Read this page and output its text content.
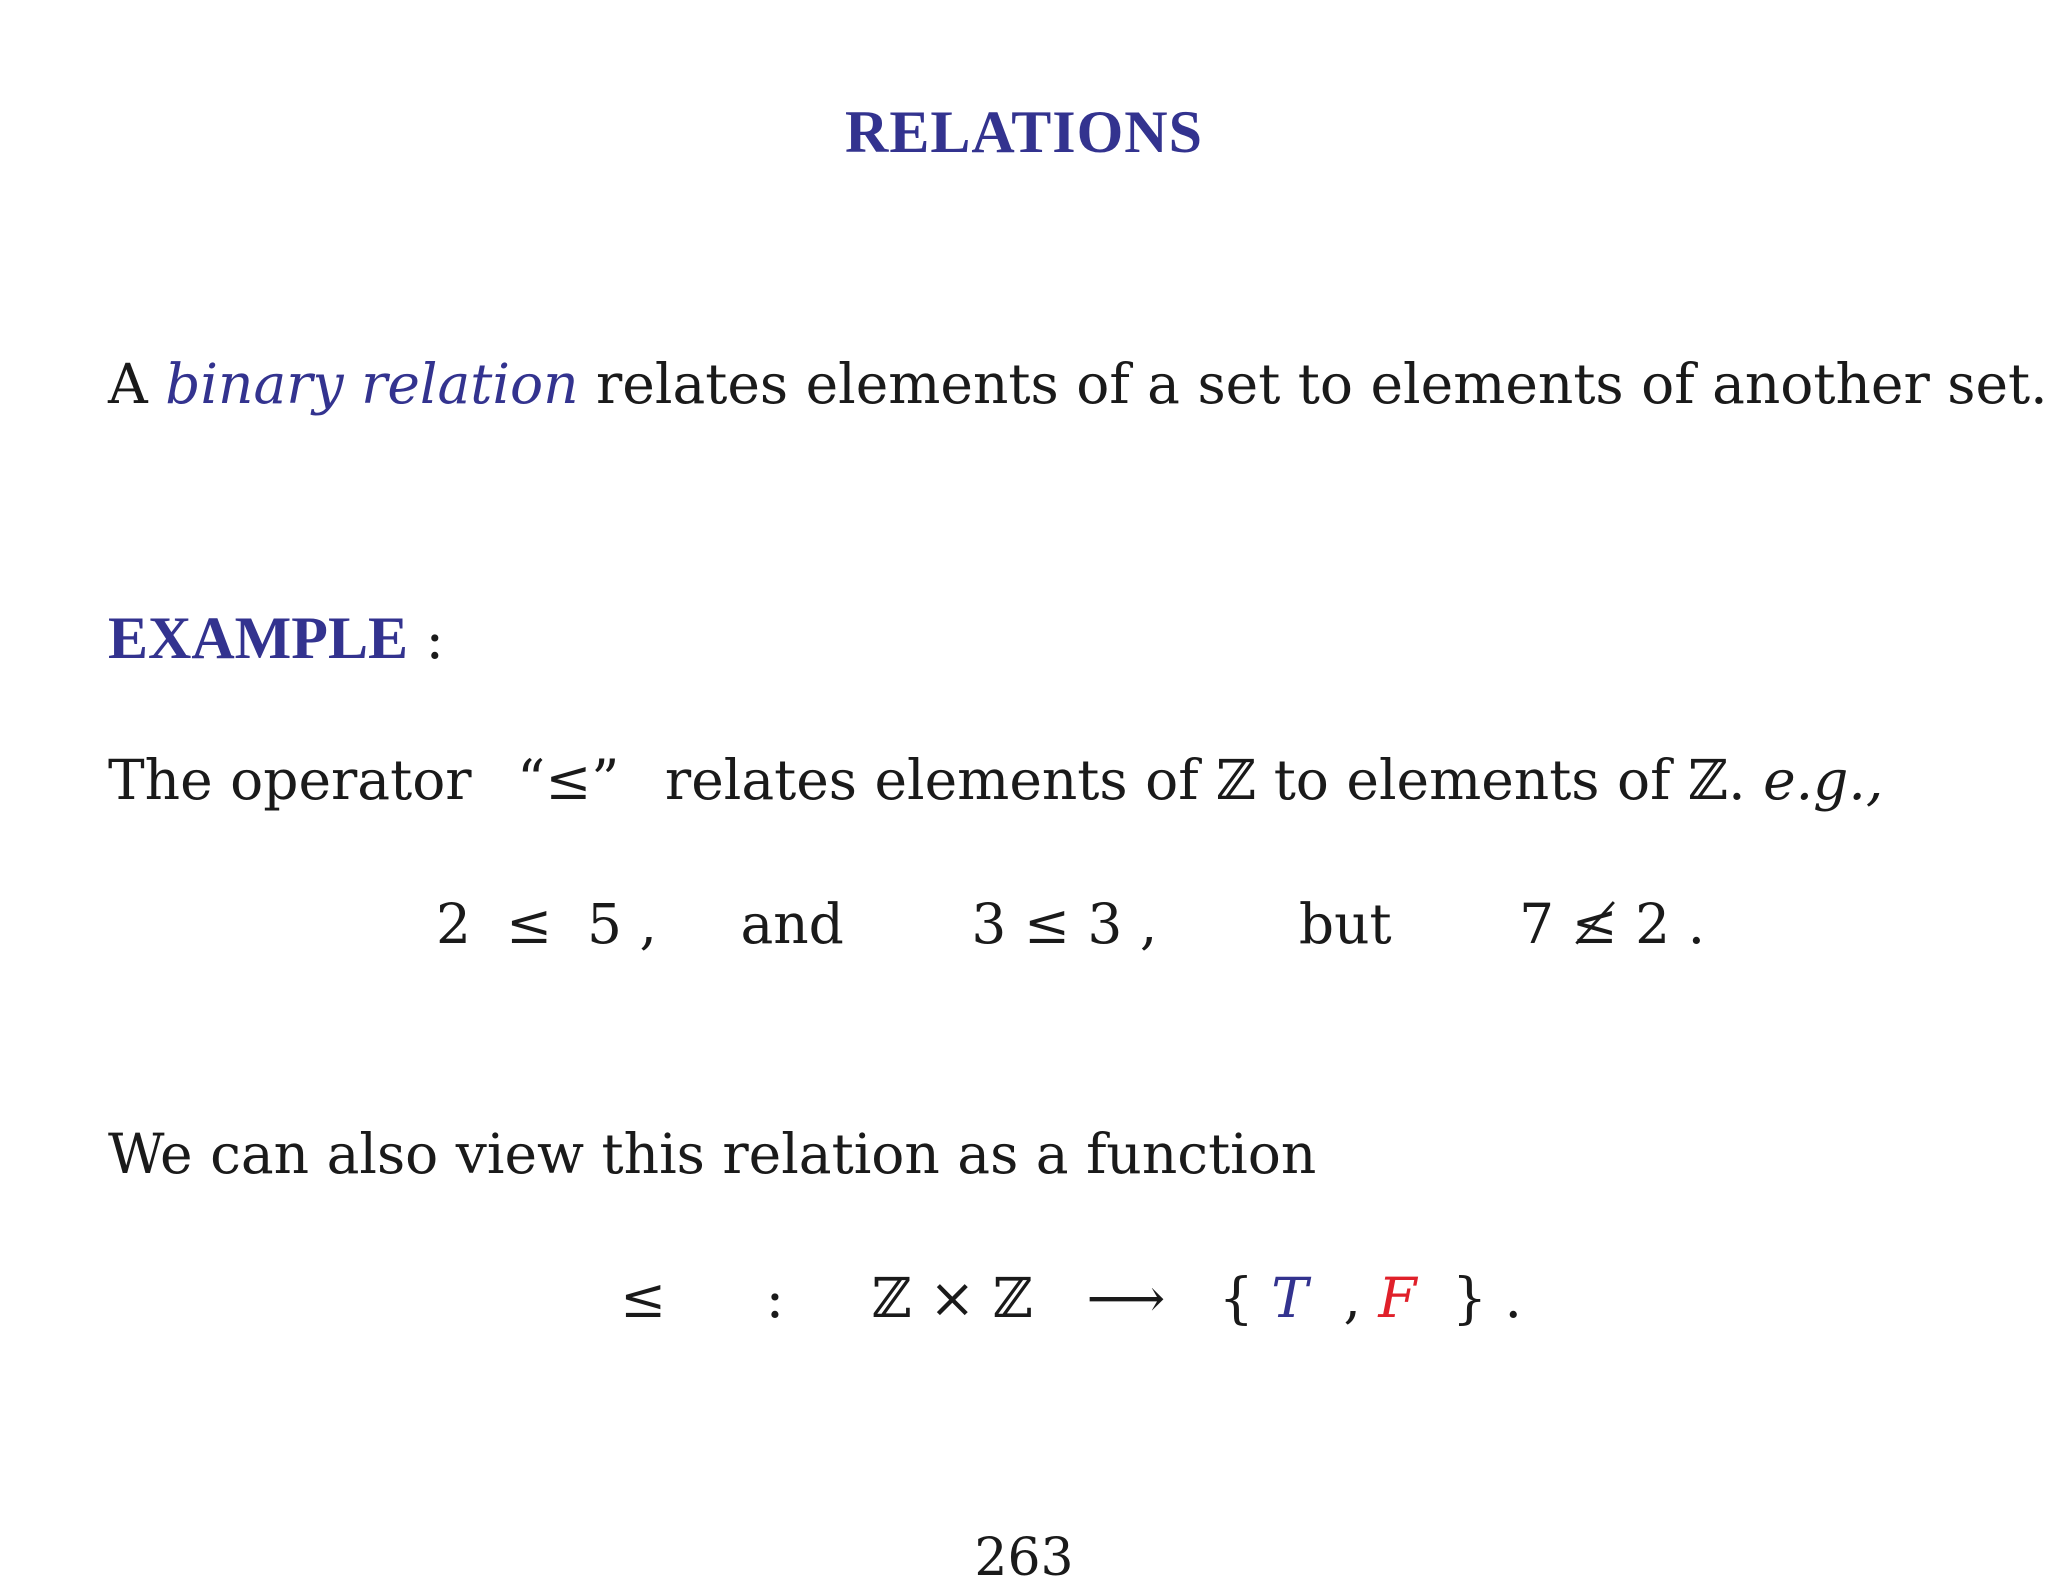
RELATIONS
A binary relation relates elements of a set to elements of another set.
EXAMPLE :
The operator “≤” relates elements of ℤ to elements of ℤ. e.g.,
2  ≤  5 , and 3 ≤ 3 ,	but 7 ≰ 2 .
We can also view this relation as a function
≤ : ℤ × ℤ ⟶ { T , F } .
263
